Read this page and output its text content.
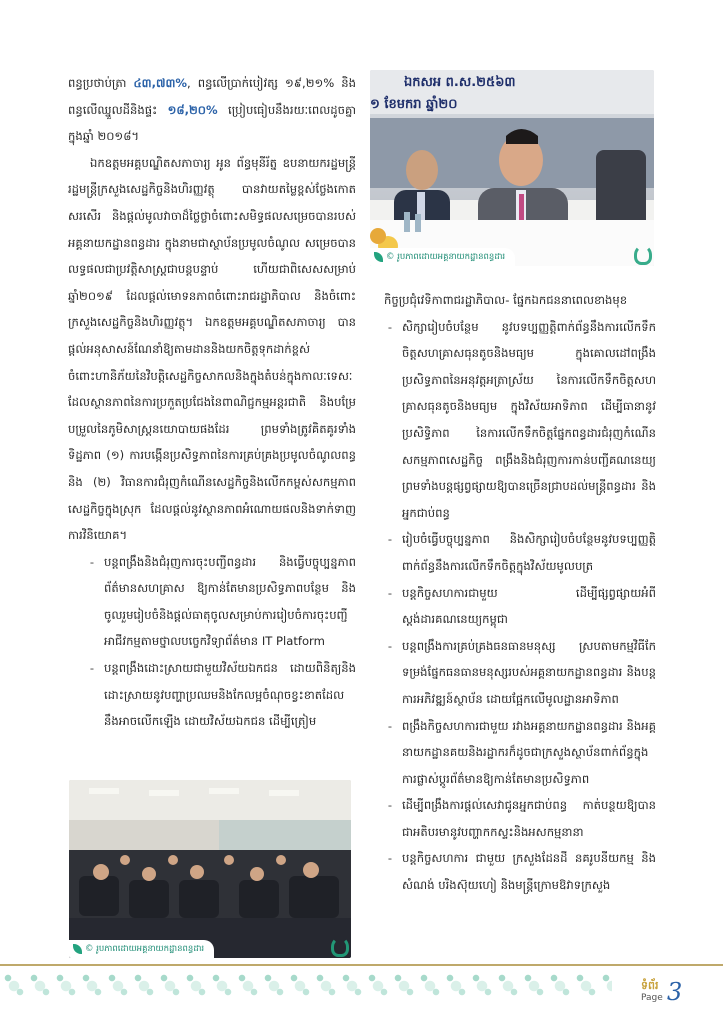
ពន្ធប្រថាប់ត្រា ៤៣,៧៣%, ពន្ធលើប្រាក់បៀវត្ស ១៩,២១% និងពន្ធលើឈ្នួលដីនិងផ្ទះ ១៨,២០% ប្រៀបធៀបនឹងរយៈពេលដូចគ្នាក្នុងឆ្នាំ ២០១៨។

ឯកឧត្តមអគ្គបណ្ឌិតសភាចារ្យ អូន ព័ន្ធមុនីរ័ត្ន ឧបនាយករដ្ឋមន្ត្រី រដ្ឋមន្ត្រីក្រសួងសេដ្ឋកិច្ចនិងហិរញ្ញវត្ថុ បានវាយតម្លៃខ្ពស់ថ្លែងកោតសរសើរ និងផ្តល់មូលវាចាដ៏ថ្លៃថ្លាចំពោះសមិទ្ធផលសម្រេចបានរបស់អគ្គនាយកដ្ឋានពន្ធដារ ក្នុងនាមជាស្ថាប័នប្រមូលចំណូល សម្រេចបានលទ្ធផលជាប្រវត្តិសាស្ត្រជាបន្តបន្ទាប់ ហើយជាពិសេសសម្រាប់ឆ្នាំ២០១៩ ដែលផ្តល់មោទនភាពចំពោះរាជរដ្ឋាភិបាល និងចំពោះក្រសួងសេដ្ឋកិច្ចនិងហិរញ្ញវត្ថុ។ ឯកឧត្តមអគ្គបណ្ឌិតសភាចារ្យ បានផ្តល់អនុសាសន៍ណែនាំឱ្យតាមដាននិងយកចិត្តទុកដាក់ខ្ពស់ ចំពោះហានិភ័យនៃវិបត្តិសេដ្ឋកិច្ចសាកលនិងក្នុងតំបន់ក្នុងកាលៈទេសៈដែលស្ថានភាពនៃការប្រកួតប្រជែងនៃពាណិជ្ជកម្មអន្តរជាតិ និងបម្រែបម្រួលនៃភូមិសាស្ត្រនយោបាយផងដែរ ព្រមទាំងត្រូវគិតគូរទាំងទិដ្ឋភាព (១) ការបង្កើនប្រសិទ្ធភាពនៃការគ្រប់គ្រងប្រមូលចំណូលពន្ធ និង (២) វិធានការជំរុញកំណើនសេដ្ឋកិច្ចនិងលើកកម្ពស់សកម្មភាពសេដ្ឋកិច្ចក្នុងស្រុក ដែលផ្តល់នូវស្ថានភាពអំណោយផលនិងទាក់ទាញការវិនិយោគ។

- បន្តពង្រឹងនិងជំរុញការចុះបញ្ជីពន្ធដារ និងធ្វើបច្ចុប្បន្នភាពព័ត៌មានសហគ្រាស ឱ្យកាន់តែមានប្រសិទ្ធភាពបន្ថែម និង ចូលរួមរៀបចំនិងផ្តល់ធាតុចូលសម្រាប់ការរៀបចំការចុះបញ្ជីអាជីវកម្មតាមថ្នាលបច្ចេកវិទ្យាព័ត៌មាន IT Platform
- បន្តពង្រឹងដោះស្រាយជាមួយវិស័យឯកជន ដោយពិនិត្យនិងដោះស្រាយនូវបញ្ហាប្រឈមនិងកែលម្អចំណុចខ្វះខាតដែលនឹងអាចលើកឡើង ដោយវិស័យឯកជន ដើម្បីត្រៀម
ឯកសអ ព.ស.២៥៦៣
១ ខែមករា ឆ្នាំ២០
© រូបភាពដោយអគ្គនាយកដ្ឋានពន្ធដារ

កិច្ចប្រជុំវេទិកាពាជរដ្ឋាភិបាល- ផ្នែកឯកជននាពេលខាងមុខ

- សិក្សារៀបចំបន្ថែម នូវបទប្បញ្ញត្តិពាក់ព័ន្ធនឹងការលើកទឹកចិត្តសហគ្រាសធុនតូចនិងមធ្យម ក្នុងគោលដៅពង្រឹងប្រសិទ្ធភាពនៃអនុវត្តអត្រាស្រ័យ នៃការលើកទឹកចិត្តសហគ្រាសធុនតូចនិងមធ្យម ក្នុងវិស័យអាទិភាព ដើម្បីធានានូវប្រសិទ្ធិភាព នៃការលើកទឹកចិត្តផ្នែកពន្ធដារជំរុញកំណើនសកម្មភាពសេដ្ឋកិច្ច ពង្រឹងនិងជំរុញការកាន់បញ្ជីគណនេយ្យ ព្រមទាំងបន្តផ្សព្វផ្សាយឱ្យបានច្រើនជ្រាបដល់មន្ត្រីពន្ធដារ និងអ្នកជាប់ពន្ធ
- រៀបចំធ្វើបច្ចុប្បន្នភាព និងសិក្សារៀបចំបន្ថែមនូវបទប្បញ្ញត្តិពាក់ព័ន្ធនឹងការលើកទឹកចិត្តក្នុងវិស័យមូលបត្រ
- បន្តកិច្ចសហការជាមួយ ដើម្បីផ្សព្វផ្សាយអំពីស្តង់ដារគណនេយ្យកម្ពុជា
- បន្តពង្រឹងការគ្រប់គ្រងធនធានមនុស្ស ស្របតាមកម្មវិធីកែទម្រង់ផ្នែកធនធានមនុស្សរបស់អគ្គនាយកដ្ឋានពន្ធដារ និងបន្តការអភិវឌ្ឍន៍ស្ថាប័ន ដោយផ្អែកលើមូលដ្ឋានអាទិភាព
- ពង្រឹងកិច្ចសហការជាមួយ រវាងអគ្គនាយកដ្ឋានពន្ធដារ និងអគ្គនាយកដ្ឋានគយនិងរដ្ឋាករក៏ដូចជាក្រសួងស្ថាប័នពាក់ព័ន្ធក្នុងការផ្លាស់ប្តូរព័ត៌មានឱ្យកាន់តែមានប្រសិទ្ធភាព
- ដើម្បីពង្រឹងការផ្តល់សេវាជូនអ្នកជាប់ពន្ធ កាត់បន្ថយឱ្យបានជាអតិបរមានូវបញ្ហាកកស្ទះនិងអសកម្មនានា
- បន្តកិច្ចសហការ ជាមួយ ក្រសួងដែនដី នគរូបនីយកម្ម និងសំណង់ បរិងស៊ុយ​ហៀ និងមន្ត្រីក្រោមឱវាទក្រសួង
© រូបភាពដោយអគ្គនាយកដ្ឋានពន្ធដារ
ទំព័រ
Page 3
